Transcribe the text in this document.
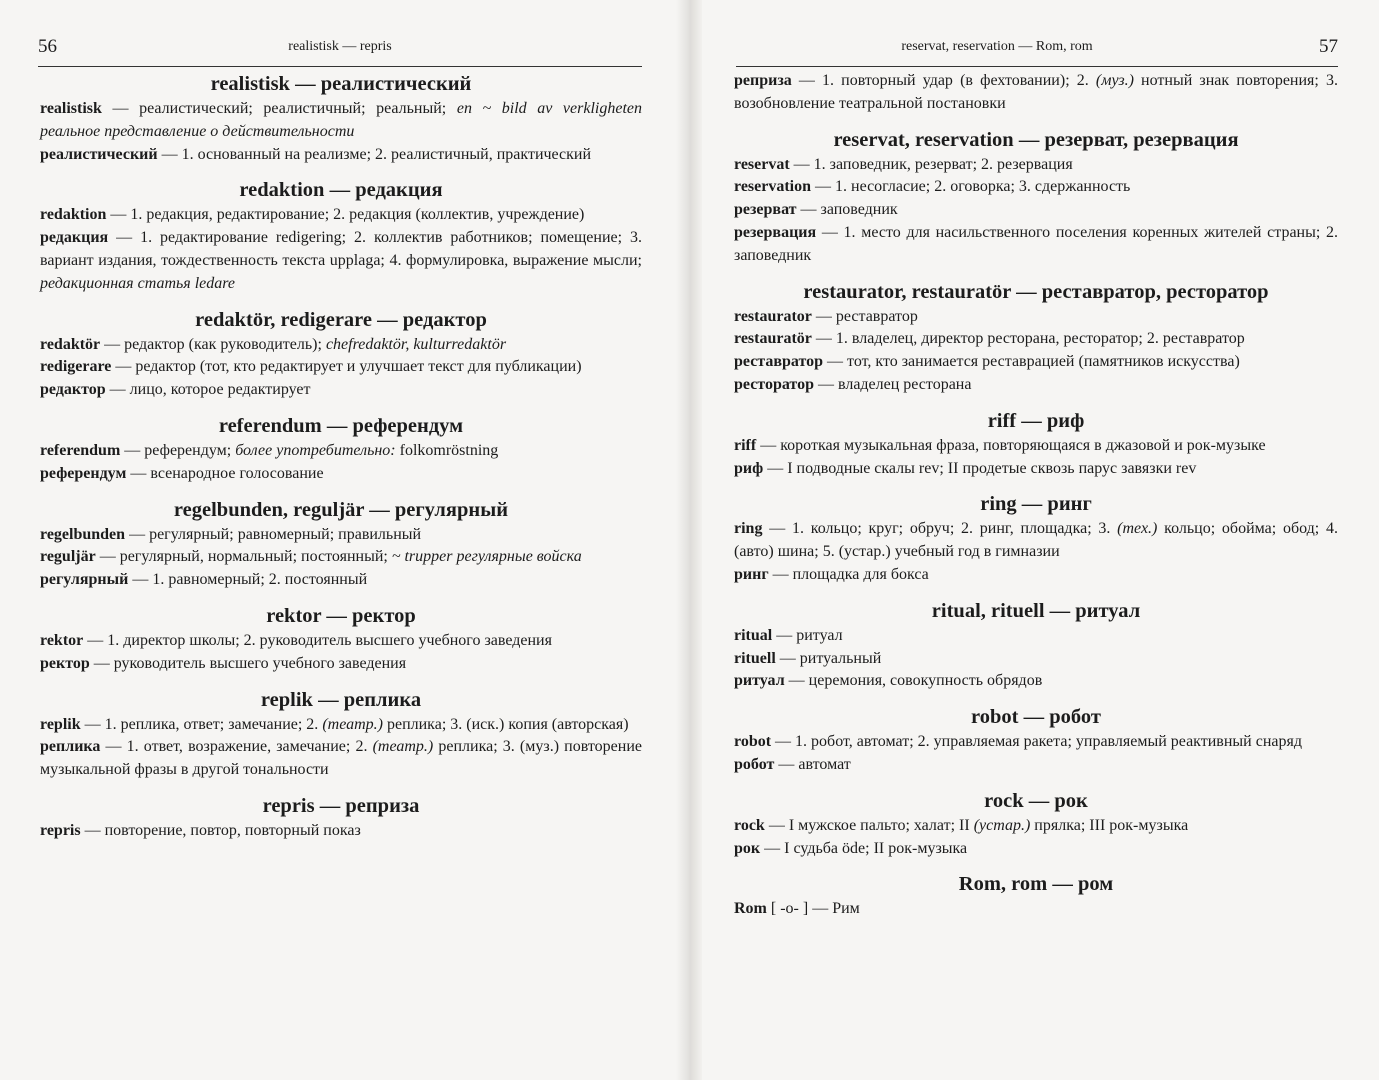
56	realistisk — repris
realistisk — реалистический
realistisk — реалистический; реалистичный; реальный; en ~ bild av verkligheten реальное представление о действительности
реалистический — 1. основанный на реализме; 2. реалистичный, практический
redaktion — редакция
redaktion — 1. редакция, редактирование; 2. редакция (коллектив, учреждение)
редакция — 1. редактирование redigering; 2. коллектив работников; помещение; 3. вариант издания, тождественность текста upplaga; 4. формулировка, выражение мысли; редакционная статья ledare
redaktör, redigerare — редактор
redaktör — редактор (как руководитель); chefredaktör, kulturredaktör
redigerare — редактор (тот, кто редактирует и улучшает текст для публикации)
редактор — лицо, которое редактирует
referendum — референдум
referendum — референдум; более употребительно: folkomröstning
референдум — всенародное голосование
regelbunden, reguljär — регулярный
regelbunden — регулярный; равномерный; правильный
reguljär — регулярный, нормальный; постоянный; ~ trupper регулярные войска
регулярный — 1. равномерный; 2. постоянный
rektor — ректор
rektor — 1. директор школы; 2. руководитель высшего учебного заведения
ректор — руководитель высшего учебного заведения
replik — реплика
replik — 1. реплика, ответ; замечание; 2. (театр.) реплика; 3. (иск.) копия (авторская)
реплика — 1. ответ, возражение, замечание; 2. (театр.) реплика; 3. (муз.) повторение музыкальной фразы в другой тональности
repris — реприза
repris — повторение, повтор, повторный показ
reservat, reservation — Rom, rom	57
реприза — 1. повторный удар (в фехтовании); 2. (муз.) нотный знак повторения; 3. возобновление театральной постановки
reservat, reservation — резерват, резервация
reservat — 1. заповедник, резерват; 2. резервация
reservation — 1. несогласие; 2. оговорка; 3. сдержанность
резерват — заповедник
резервация — 1. место для насильственного поселения коренных жителей страны; 2. заповедник
restaurator, restauratör — реставратор, ресторатор
restaurator — реставратор
restauratör — 1. владелец, директор ресторана, ресторатор; 2. реставратор
реставратор — тот, кто занимается реставрацией (памятников искусства)
ресторатор — владелец ресторана
riff — риф
riff — короткая музыкальная фраза, повторяющаяся в джазовой и рок-музыке
риф — I подводные скалы rev; II продетые сквозь парус завязки rev
ring — ринг
ring — 1. кольцо; круг; обруч; 2. ринг, площадка; 3. (тех.) кольцо; обойма; обод; 4. (авто) шина; 5. (устар.) учебный год в гимназии
ринг — площадка для бокса
ritual, rituell — ритуал
ritual — ритуал
rituell — ритуальный
ритуал — церемония, совокупность обрядов
robot — робот
robot — 1. робот, автомат; 2. управляемая ракета; управляемый реактивный снаряд
робот — автомат
rock — рок
rock — I мужское пальто; халат; II (устар.) прялка; III рок-музыка
рок — I судьба öde; II рок-музыка
Rom, rom — ром
Rom [ -o- ] — Рим
